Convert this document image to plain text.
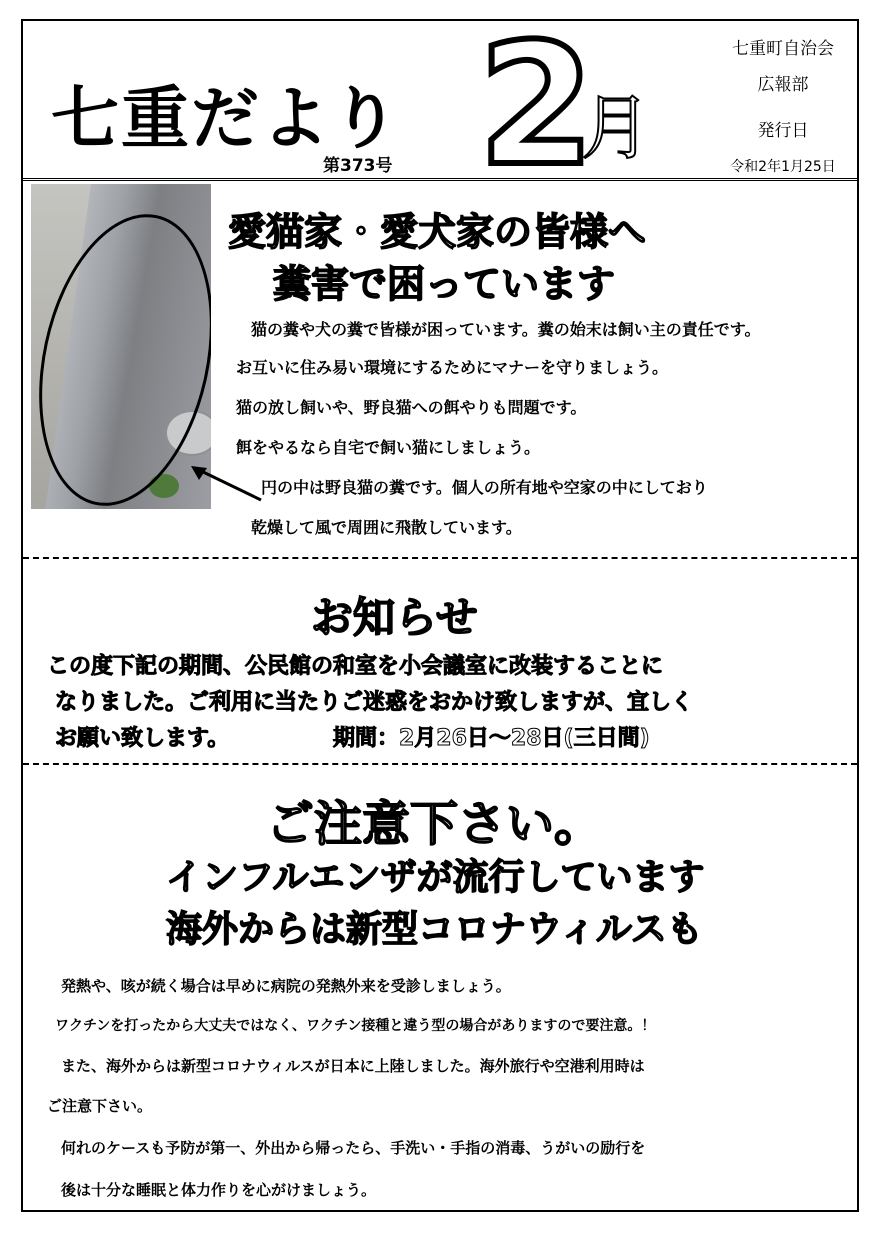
七重だより
第373号 2
月
七重町自治会
広報部
発行日
令和2年1月25日
愛猫家・愛犬家の皆様へ
糞害で困っています
猫の糞や犬の糞で皆様が困っています。糞の始末は飼い主の責任です。
お互いに住み易い環境にするためにマナーを守りましょう。
猫の放し飼いや、野良猫への餌やりも問題です。
餌をやるなら自宅で飼い猫にしましょう。
円の中は野良猫の糞です。個人の所有地や空家の中にしており
乾燥して風で周囲に飛散しています。
お知らせ
この度下記の期間、公民館の和室を小会議室に改装することに
なりました。ご利用に当たりご迷惑をおかけ致しますが、宜しく
お願い致します。	期間：2月26日～28日(三日間)
ご注意下さい。
インフルエンザが流行しています
海外からは新型コロナウィルスも
発熱や、咳が続く場合は早めに病院の発熱外来を受診しましょう。
ワクチンを打ったから大丈夫ではなく、ワクチン接種と違う型の場合がありますので要注意。！
また、海外からは新型コロナウィルスが日本に上陸しました。海外旅行や空港利用時は
ご注意下さい。
何れのケースも予防が第一、外出から帰ったら、手洗い・手指の消毒、うがいの励行を
後は十分な睡眠と体力作りを心がけましょう。
